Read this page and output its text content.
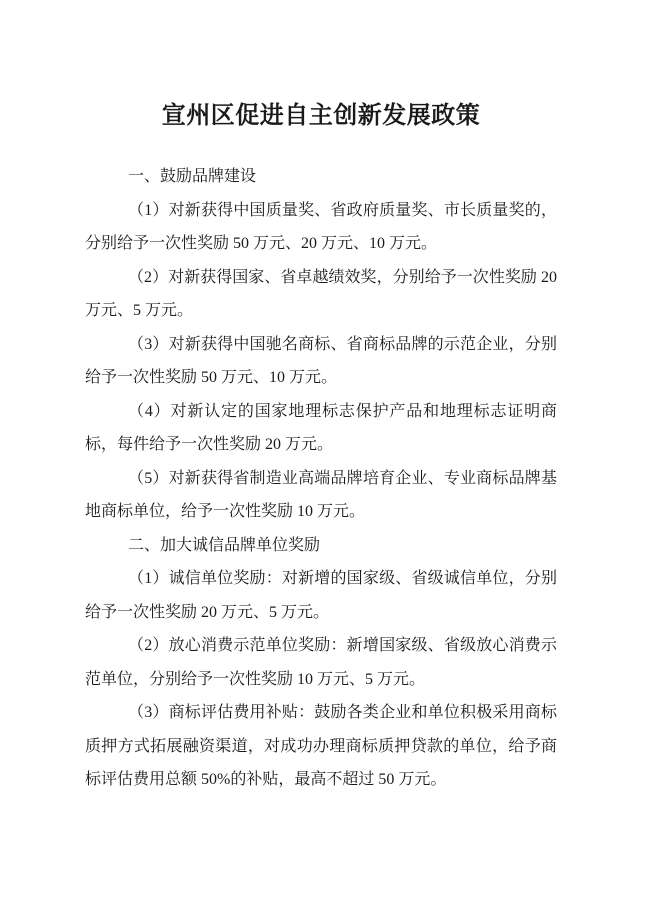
宣州区促进自主创新发展政策

一、鼓励品牌建设

（1）对新获得中国质量奖、省政府质量奖、市长质量奖的，分别给予一次性奖励 50 万元、20 万元、10 万元。

（2）对新获得国家、省卓越绩效奖，分别给予一次性奖励 20 万元、5 万元。

（3）对新获得中国驰名商标、省商标品牌的示范企业，分别给予一次性奖励 50 万元、10 万元。

（4）对新认定的国家地理标志保护产品和地理标志证明商标，每件给予一次性奖励 20 万元。

（5）对新获得省制造业高端品牌培育企业、专业商标品牌基地商标单位，给予一次性奖励 10 万元。

二、加大诚信品牌单位奖励

（1）诚信单位奖励：对新增的国家级、省级诚信单位，分别给予一次性奖励 20 万元、5 万元。

（2）放心消费示范单位奖励：新增国家级、省级放心消费示范单位，分别给予一次性奖励 10 万元、5 万元。

（3）商标评估费用补贴：鼓励各类企业和单位积极采用商标质押方式拓展融资渠道，对成功办理商标质押贷款的单位，给予商标评估费用总额 50%的补贴，最高不超过 50 万元。
